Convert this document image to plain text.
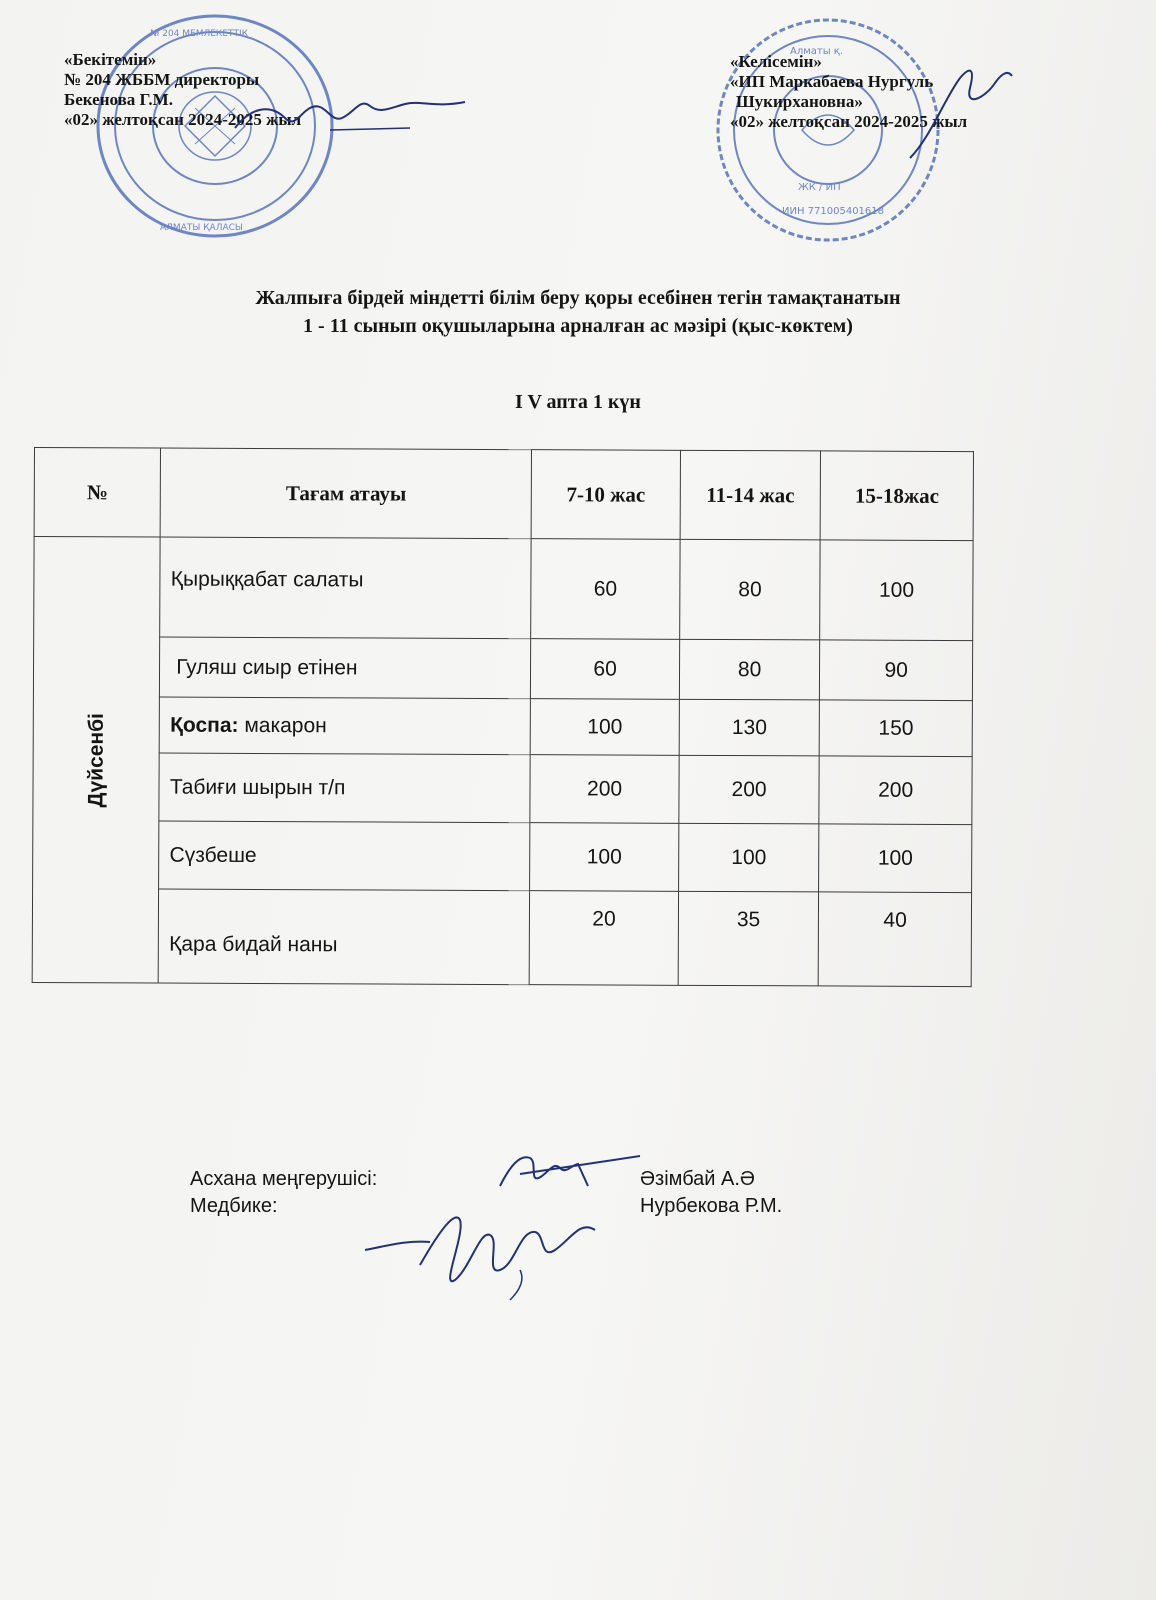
№ 204 МЕМЛЕКЕТТІК
АЛМАТЫ ҚАЛАСЫ
ЖК / ИП
ИИН 771005401618
Алматы қ.
«Бекітемін»
№ 204 ЖББМ директоры
Бекенова Г.М.
«02» желтоқсан 2024-2025 жыл
«Келісемін»
«ИП Маркабаева Нургуль
Шукирхановна»
«02» желтоқсан 2024-2025 жыл
Жалпыға бірдей міндетті білім беру қоры есебінен тегін тамақтанатын
1 - 11 сынып оқушыларына арналған ас мәзірі (қыс-көктем)
I V апта 1 күн
№	Тағам атауы	7-10 жас	11-14 жас	15-18жас

Дүйсенбі	Қырыққабат салаты	60	80	100
	Гуляш сиыр етінен	60	80	90
	Қоспа: макарон	100	130	150
	Табиғи шырын т/п	200	200	200
	Сүзбеше	100	100	100
	Қара бидай наны	20	35	40
Асхана меңгерушісі:	Әзімбай А.Ә
Медбике:	Нурбекова Р.М.
